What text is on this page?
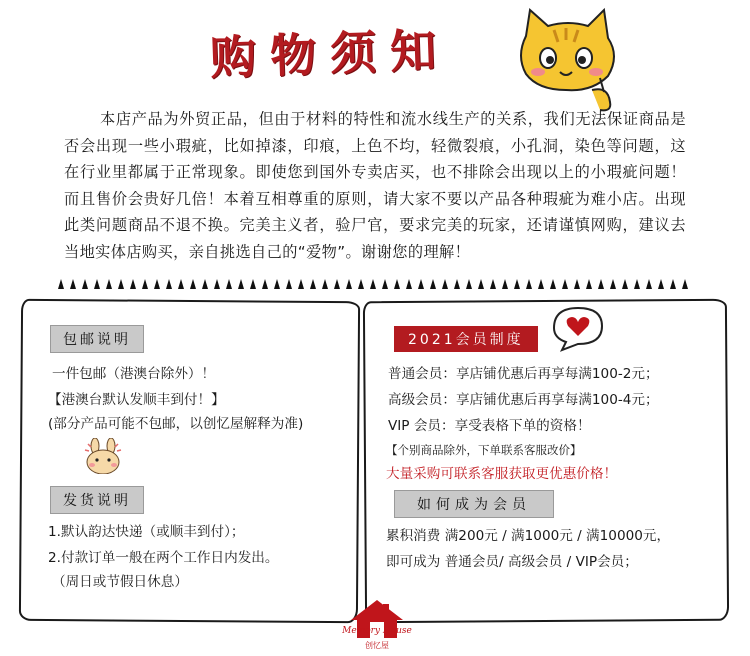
购物须知
本店产品为外贸正品，但由于材料的特性和流水线生产的关系，我们无法保证商品是否会出现一些小瑕疵，比如掉漆，印痕，上色不均，轻微裂痕，小孔洞，染色等问题，这在行业里都属于正常现象。即使您到国外专卖店买，也不排除会出现以上的小瑕疵问题！而且售价会贵好几倍！本着互相尊重的原则，请大家不要以产品各种瑕疵为难小店。出现此类问题商品不退不换。完美主义者，验尸官，要求完美的玩家，还请谨慎网购，建议去当地实体店购买，亲自挑选自己的“爱物”。谢谢您的理解！
包邮说明
一件包邮（港澳台除外）！
【港澳台默认发顺丰到付！】
(部分产品可能不包邮，以创忆屋解释为准)
发货说明
1.默认韵达快递（或顺丰到付）；
2.付款订单一般在两个工作日内发出。
（周日或节假日休息）
2021会员制度
普通会员：享店铺优惠后再享每满100-2元；
高级会员：享店铺优惠后再享每满100-4元；
VIP 会员：享受表格下单的资格！
【个别商品除外，下单联系客服改价】
大量采购可联系客服获取更优惠价格！
如何成为会员
累积消费 满200元 / 满1000元 / 满10000元，
即可成为 普通会员/ 高级会员 / VIP会员；
Memory House
创忆屋
